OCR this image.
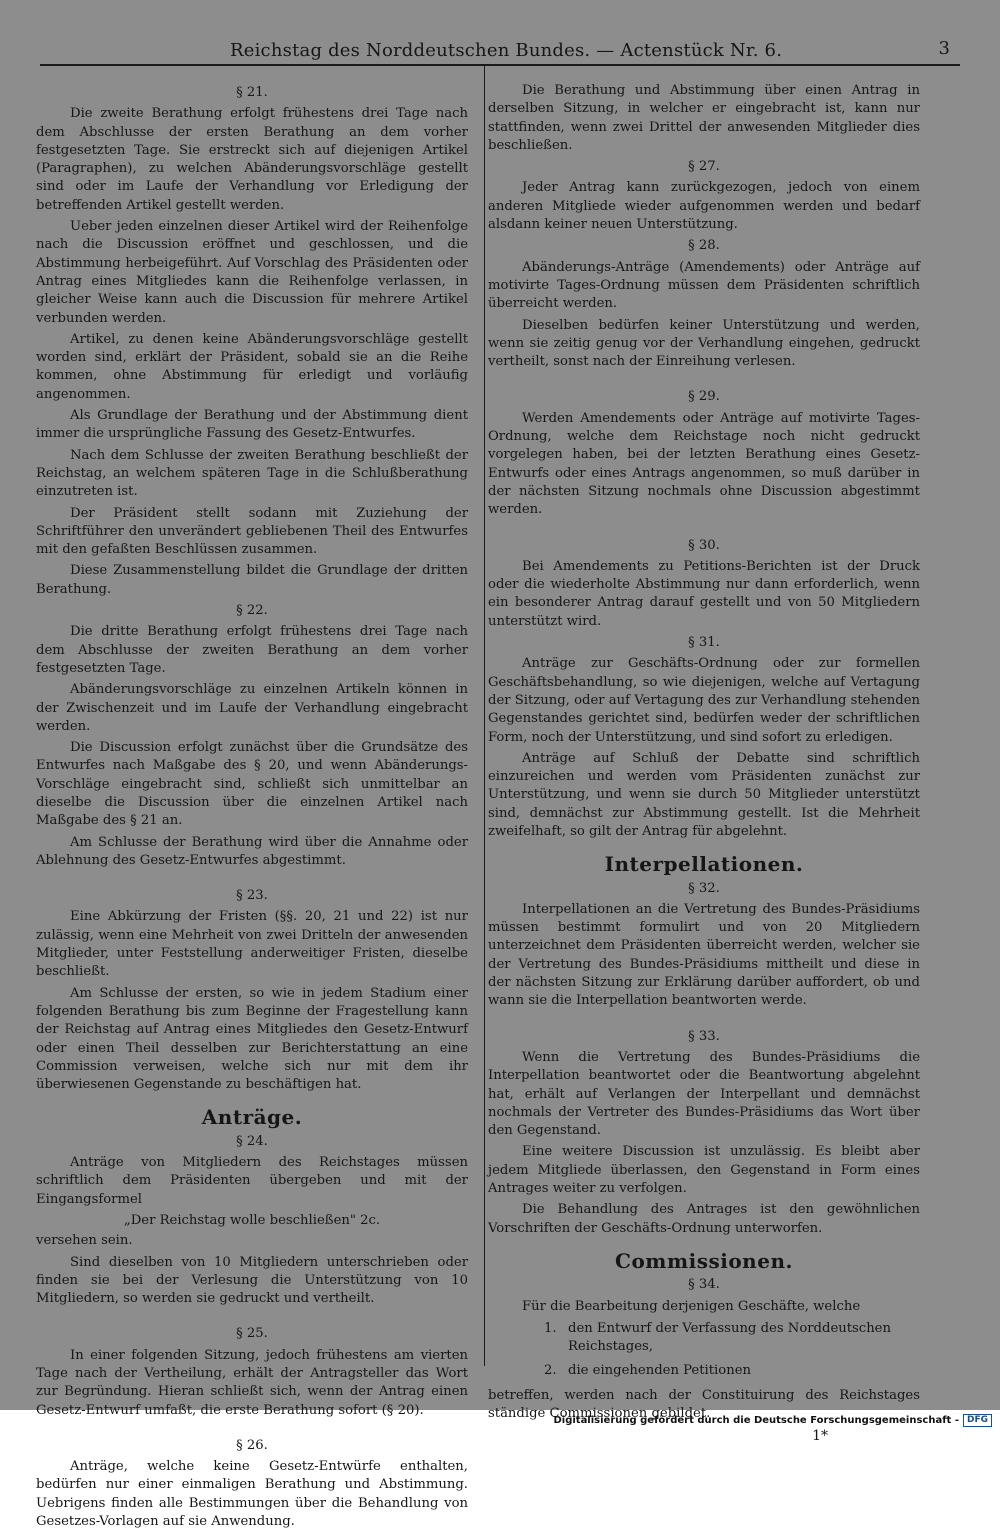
Reichstag des Norddeutschen Bundes. — Actenstück Nr. 6.	3
§ 21.

Die zweite Berathung erfolgt frühestens drei Tage nach dem Abschlusse der ersten Berathung an dem vorher festgesetzten Tage. Sie erstreckt sich auf diejenigen Artikel (Paragraphen), zu welchen Abänderungsvorschläge gestellt sind oder im Laufe der Verhandlung vor Erledigung der betreffenden Artikel gestellt werden.

Ueber jeden einzelnen dieser Artikel wird der Reihenfolge nach die Discussion eröffnet und geschlossen, und die Abstimmung herbeigeführt. Auf Vorschlag des Präsidenten oder Antrag eines Mitgliedes kann die Reihenfolge verlassen, in gleicher Weise kann auch die Discussion für mehrere Artikel verbunden werden.

Artikel, zu denen keine Abänderungsvorschläge gestellt worden sind, erklärt der Präsident, sobald sie an die Reihe kommen, ohne Abstimmung für erledigt und vorläufig angenommen.

Als Grundlage der Berathung und der Abstimmung dient immer die ursprüngliche Fassung des Gesetz-Entwurfes.

Nach dem Schlusse der zweiten Berathung beschließt der Reichstag, an welchem späteren Tage in die Schlußberathung einzutreten ist.

Der Präsident stellt sodann mit Zuziehung der Schriftführer den unverändert gebliebenen Theil des Entwurfes mit den gefaßten Beschlüssen zusammen.

Diese Zusammenstellung bildet die Grundlage der dritten Berathung.

§ 22.

Die dritte Berathung erfolgt frühestens drei Tage nach dem Abschlusse der zweiten Berathung an dem vorher festgesetzten Tage.

Abänderungsvorschläge zu einzelnen Artikeln können in der Zwischenzeit und im Laufe der Verhandlung eingebracht werden.

Die Discussion erfolgt zunächst über die Grundsätze des Entwurfes nach Maßgabe des § 20, und wenn Abänderungs-Vorschläge eingebracht sind, schließt sich unmittelbar an dieselbe die Discussion über die einzelnen Artikel nach Maßgabe des § 21 an.

Am Schlusse der Berathung wird über die Annahme oder Ablehnung des Gesetz-Entwurfes abgestimmt.

§ 23.

Eine Abkürzung der Fristen (§§. 20, 21 und 22) ist nur zulässig, wenn eine Mehrheit von zwei Dritteln der anwesenden Mitglieder, unter Feststellung anderweitiger Fristen, dieselbe beschließt.

Am Schlusse der ersten, so wie in jedem Stadium einer folgenden Berathung bis zum Beginne der Fragestellung kann der Reichstag auf Antrag eines Mitgliedes den Gesetz-Entwurf oder einen Theil desselben zur Berichterstattung an eine Commission verweisen, welche sich nur mit dem ihr überwiesenen Gegenstande zu beschäftigen hat.

Anträge.
§ 24.

Anträge von Mitgliedern des Reichstages müssen schriftlich dem Präsidenten übergeben und mit der Eingangsformel

„Der Reichstag wolle beschließen" 2c.

versehen sein.

Sind dieselben von 10 Mitgliedern unterschrieben oder finden sie bei der Verlesung die Unterstützung von 10 Mitgliedern, so werden sie gedruckt und vertheilt.

§ 25.

In einer folgenden Sitzung, jedoch frühestens am vierten Tage nach der Vertheilung, erhält der Antragsteller das Wort zur Begründung. Hieran schließt sich, wenn der Antrag einen Gesetz-Entwurf umfaßt, die erste Berathung sofort (§ 20).

§ 26.

Anträge, welche keine Gesetz-Entwürfe enthalten, bedürfen nur einer einmaligen Berathung und Abstimmung. Uebrigens finden alle Bestimmungen über die Behandlung von Gesetzes-Vorlagen auf sie Anwendung.

Die Berathung und Abstimmung über einen Antrag in derselben Sitzung, in welcher er eingebracht ist, kann nur stattfinden, wenn zwei Drittel der anwesenden Mitglieder dies beschließen.

§ 27.

Jeder Antrag kann zurückgezogen, jedoch von einem anderen Mitgliede wieder aufgenommen werden und bedarf alsdann keiner neuen Unterstützung.

§ 28.

Abänderungs-Anträge (Amendements) oder Anträge auf motivirte Tages-Ordnung müssen dem Präsidenten schriftlich überreicht werden.

Dieselben bedürfen keiner Unterstützung und werden, wenn sie zeitig genug vor der Verhandlung eingehen, gedruckt vertheilt, sonst nach der Einreihung verlesen.

§ 29.

Werden Amendements oder Anträge auf motivirte Tages-Ordnung, welche dem Reichstage noch nicht gedruckt vorgelegen haben, bei der letzten Berathung eines Gesetz-Entwurfs oder eines Antrags angenommen, so muß darüber in der nächsten Sitzung nochmals ohne Discussion abgestimmt werden.

§ 30.

Bei Amendements zu Petitions-Berichten ist der Druck oder die wiederholte Abstimmung nur dann erforderlich, wenn ein besonderer Antrag darauf gestellt und von 50 Mitgliedern unterstützt wird.

§ 31.

Anträge zur Geschäfts-Ordnung oder zur formellen Geschäftsbehandlung, so wie diejenigen, welche auf Vertagung der Sitzung, oder auf Vertagung des zur Verhandlung stehenden Gegenstandes gerichtet sind, bedürfen weder der schriftlichen Form, noch der Unterstützung, und sind sofort zu erledigen.

Anträge auf Schluß der Debatte sind schriftlich einzureichen und werden vom Präsidenten zunächst zur Unterstützung, und wenn sie durch 50 Mitglieder unterstützt sind, demnächst zur Abstimmung gestellt. Ist die Mehrheit zweifelhaft, so gilt der Antrag für abgelehnt.

Interpellationen.
§ 32.

Interpellationen an die Vertretung des Bundes-Präsidiums müssen bestimmt formulirt und von 20 Mitgliedern unterzeichnet dem Präsidenten überreicht werden, welcher sie der Vertretung des Bundes-Präsidiums mittheilt und diese in der nächsten Sitzung zur Erklärung darüber auffordert, ob und wann sie die Interpellation beantworten werde.

§ 33.

Wenn die Vertretung des Bundes-Präsidiums die Interpellation beantwortet oder die Beantwortung abgelehnt hat, erhält auf Verlangen der Interpellant und demnächst nochmals der Vertreter des Bundes-Präsidiums das Wort über den Gegenstand.

Eine weitere Discussion ist unzulässig. Es bleibt aber jedem Mitgliede überlassen, den Gegenstand in Form eines Antrages weiter zu verfolgen.

Die Behandlung des Antrages ist den gewöhnlichen Vorschriften der Geschäfts-Ordnung unterworfen.

Commissionen.
§ 34.

Für die Bearbeitung derjenigen Geschäfte, welche

1. den Entwurf der Verfassung des Norddeutschen Reichstages,
2. die eingehenden Petitionen

betreffen, werden nach der Constituirung des Reichstages ständige Commissionen gebildet.

1*
Digitalisierung gefördert durch die Deutsche Forschungsgemeinschaft - DFG
